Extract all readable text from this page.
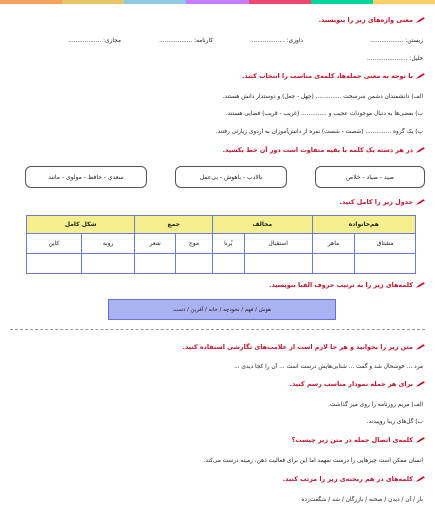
معنی واژه‌های زیر را بنویسید.
زیستن: ..................
داوری: ..................
کارنامه: ..................
مجازی: ..................
خلیل: ......................
با توجه به معنی جمله‌ها، کلمه‌ی مناسب را انتخاب کنید.
الف) دانشمندان دشمن سرسخت .............. (جهل - جعل) و دوستدار دانش هستند.
ب) بعضی‌ها به دنبال موجودات عجیب و .............. (غریب - قریب) فضایی هستند.
پ) یک گروه .............. (شصت - شست) نفره از دانش‌آموزان به اردوی زیارتی رفتند.
در هر دسته یک کلمه با بقیه متفاوت است دور آن خط بکشید.
صید - صیاد - خلاص
بالادب - باهوش - بی‌عمل
سعدی - حافظ - مولوی - مانند
جدول زیر را کامل کنید.
هم‌خانواده		مخالف		جمع		شکل کامل	
مشتاق	ماهر	استقبال	بُرنا	موج	شعر	روبه	کاین

کلمه‌های زیر را به ترتیب حروف الفبا بنویسید.
هوش / فهم / نخودچه / خانه / آفرین / دست
متن زیر را بخوانید و هر جا لازم است از علامت‌های نگارشی استفاده کنید.
مرد ... خوشحال شد و گفت ... شتابی‌هایش درست است ... آن را کجا دیدی ...
برای هر جمله نمودار مناسب رسم کنید.
الف) مریم روزنامه را روی میز گذاشت.
ب) گل‌های زیبا روییدند.
کلمه‌ی اتصال جمله در متن زیر چیست؟
انسان ممکن است چیزهایی را درست نفهمد اما این برای فعالیت ذهن، زمینه درست می‌کند.
کلمه‌های در هم ریخته‌ی زیر را مرتب کنید.
باز / آن / دیدن / صحنه / بازرگان / شد / شگفت‌زده
